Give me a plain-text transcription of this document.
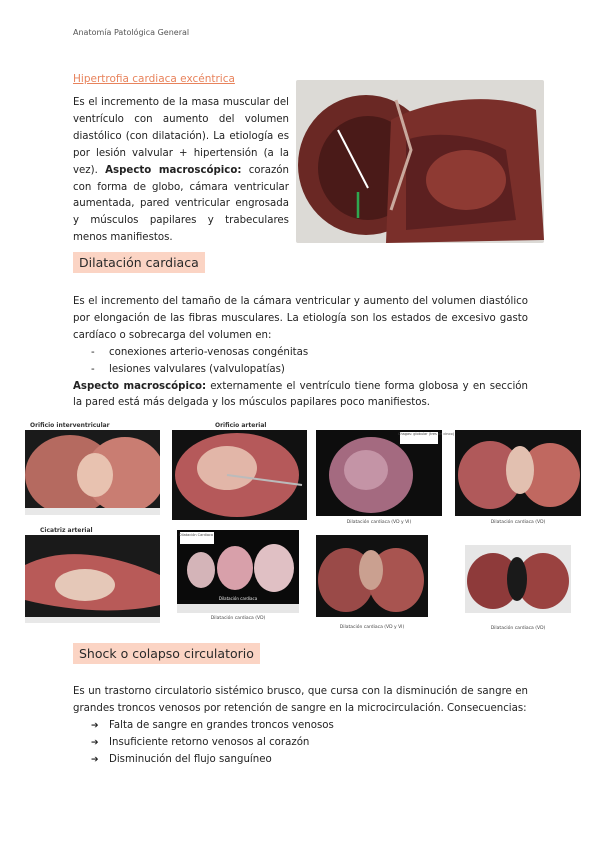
Anatomía Patológica General
Hipertrofia cardiaca excéntrica
Es el incremento de la masa muscular del ventrículo con aumento del volumen diastólico (con dilatación). La etiología es por lesión valvular + hipertensión (a la vez). Aspecto macroscópico: corazón con forma de globo, cámara ventricular aumentada, pared ventricular engrosada y músculos papilares y trabeculares menos manifiestos.
Dilatación cardiaca
Es el incremento del tamaño de la cámara ventricular y aumento del volumen diastólico por elongación de las fibras musculares. La etiología son los estados de excesivo gasto cardíaco o sobrecarga del volumen en:
- conexiones arterio-venosas congénitas
- lesiones valvulares (valvulopatías)
Aspecto macroscópico: externamente el ventrículo tiene forma globosa y en sección la pared está más delgada y los músculos papilares poco manifiestos.
Orificio interventricular	Orificio arterial
Chagas: globular (tres de cinco)
Dilatación cardiaca (VD y VI)	Dilatación cardiaca (VD)
Cicatriz arterial
Dilatación Cardiaca
Dilatación cardíaca
Dilatación cardiaca (VD)
Dilatación cardiaca (VD y VI)	Dilatación cardiaca (VD)
Shock o colapso circulatorio
Es un trastorno circulatorio sistémico brusco, que cursa con la disminución de sangre en grandes troncos venosos por retención de sangre en la microcirculación. Consecuencias:
➔ Falta de sangre en grandes troncos venosos
➔ Insuficiente retorno venosos al corazón
➔ Disminución del flujo sanguíneo
